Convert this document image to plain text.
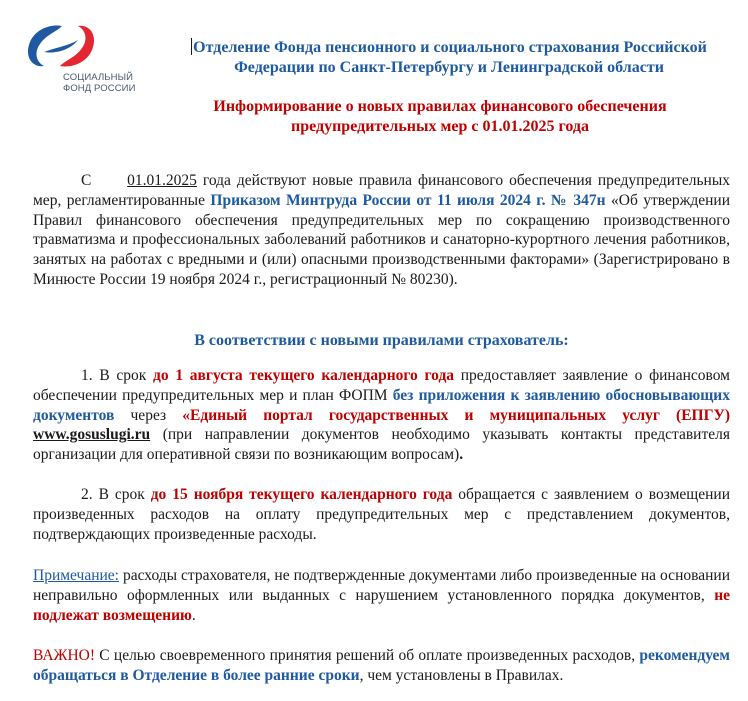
СОЦИАЛЬНЫЙ
ФОНД РОССИИ
Отделение Фонда пенсионного и социального страхования Российской Федерации по Санкт-Петербургу и Ленинградской области
Информирование о новых правилах финансового обеспечения предупредительных мер с 01.01.2025 года

С 01.01.2025 года действуют новые правила финансового обеспечения предупредительных мер, регламентированные Приказом Минтруда России от 11 июля 2024 г. № 347н «Об утверждении Правил финансового обеспечения предупредительных мер по сокращению производственного травматизма и профессиональных заболеваний работников и санаторно-курортного лечения работников, занятых на работах с вредными и (или) опасными производственными факторами» (Зарегистрировано в Минюсте России 19 ноября 2024 г., регистрационный № 80230).

В соответствии с новыми правилами страхователь:

1. В срок до 1 августа текущего календарного года предоставляет заявление о финансовом обеспечении предупредительных мер и план ФОПМ без приложения к заявлению обосновывающих документов через «Единый портал государственных и муниципальных услуг (ЕПГУ) www.gosuslugi.ru (при направлении документов необходимо указывать контакты представителя организации для оперативной связи по возникающим вопросам).

2. В срок до 15 ноября текущего календарного года обращается с заявлением о возмещении произведенных расходов на оплату предупредительных мер с представлением документов, подтверждающих произведенные расходы.

Примечание: расходы страхователя, не подтвержденные документами либо произведенные на основании неправильно оформленных или выданных с нарушением установленного порядка документов, не подлежат возмещению.

ВАЖНО! С целью своевременного принятия решений об оплате произведенных расходов, рекомендуем обращаться в Отделение в более ранние сроки, чем установлены в Правилах.
